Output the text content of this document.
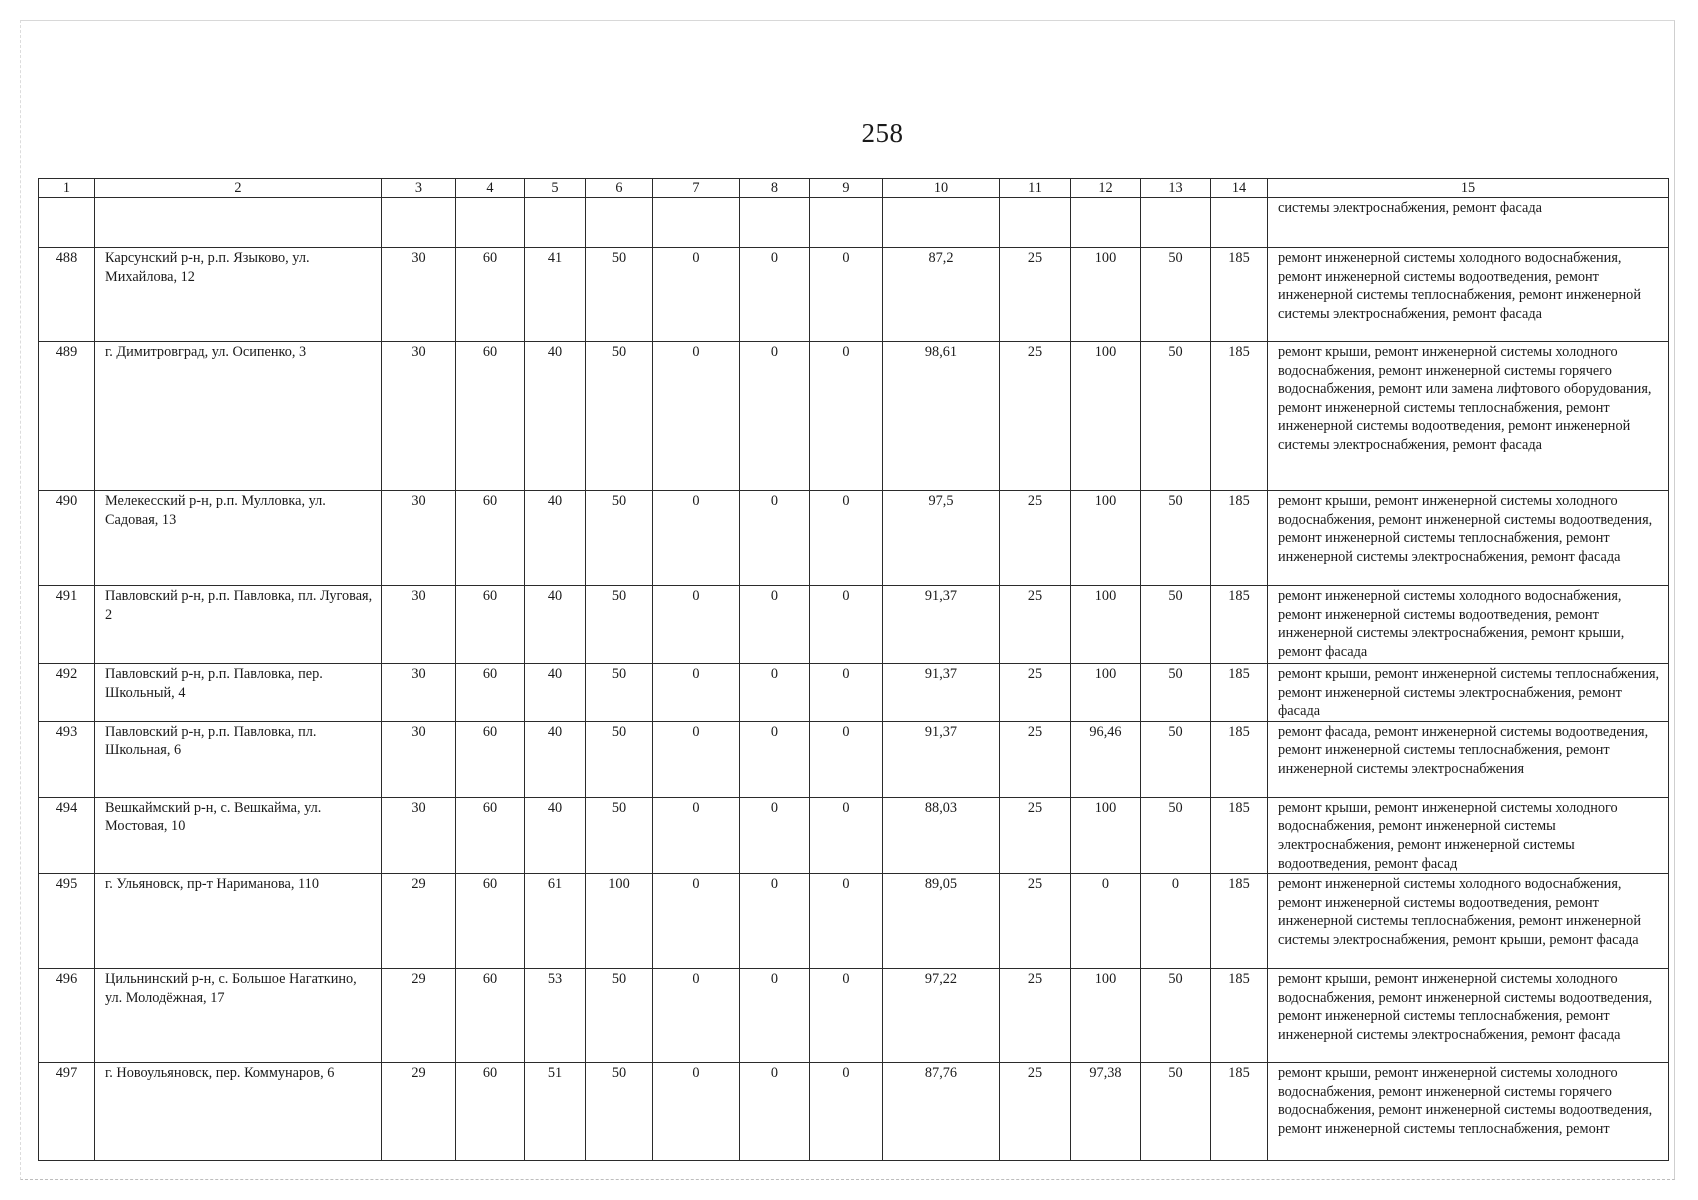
258
1	2	3	4	5	6	7	8	9	10	11	12	13	14	15
														системы электроснабжения, ремонт фасада
488	Карсунский р-н, р.п. Языково, ул. Михайлова, 12	30	60	41	50	0	0	0	87,2	25	100	50	185	ремонт инженерной системы холодного водоснабжения, ремонт инженерной системы водоотведения, ремонт инженерной системы теплоснабжения, ремонт инженерной системы электроснабжения, ремонт фасада
489	г. Димитровград, ул. Осипенко, 3	30	60	40	50	0	0	0	98,61	25	100	50	185	ремонт крыши, ремонт инженерной системы холодного водоснабжения, ремонт инженерной системы горячего водоснабжения, ремонт или замена лифтового оборудования, ремонт инженерной системы теплоснабжения, ремонт инженерной системы водоотведения, ремонт инженерной системы электроснабжения, ремонт фасада
490	Мелекесский р-н, р.п. Мулловка, ул. Садовая, 13	30	60	40	50	0	0	0	97,5	25	100	50	185	ремонт крыши, ремонт инженерной системы холодного водоснабжения, ремонт инженерной системы водоотведения, ремонт инженерной системы теплоснабжения, ремонт инженерной системы электроснабжения, ремонт фасада
491	Павловский р-н, р.п. Павловка, пл. Луговая, 2	30	60	40	50	0	0	0	91,37	25	100	50	185	ремонт инженерной системы холодного водоснабжения, ремонт инженерной системы водоотведения, ремонт инженерной системы электроснабжения, ремонт крыши, ремонт фасада
492	Павловский р-н, р.п. Павловка, пер. Школьный, 4	30	60	40	50	0	0	0	91,37	25	100	50	185	ремонт крыши, ремонт инженерной системы теплоснабжения, ремонт инженерной системы электроснабжения, ремонт фасада
493	Павловский р-н, р.п. Павловка, пл. Школьная, 6	30	60	40	50	0	0	0	91,37	25	96,46	50	185	ремонт фасада, ремонт инженерной системы водоотведения, ремонт инженерной системы теплоснабжения, ремонт инженерной системы электроснабжения
494	Вешкаймский р-н, с. Вешкайма, ул. Мостовая, 10	30	60	40	50	0	0	0	88,03	25	100	50	185	ремонт крыши, ремонт инженерной системы холодного водоснабжения, ремонт инженерной системы электроснабжения, ремонт инженерной системы водоотведения, ремонт фасад
495	г. Ульяновск, пр-т Нариманова, 110	29	60	61	100	0	0	0	89,05	25	0	0	185	ремонт инженерной системы холодного водоснабжения, ремонт инженерной системы водоотведения, ремонт инженерной системы теплоснабжения, ремонт инженерной системы электроснабжения, ремонт крыши, ремонт фасада
496	Цильнинский р-н, с. Большое Нагаткино, ул. Молодёжная, 17	29	60	53	50	0	0	0	97,22	25	100	50	185	ремонт крыши, ремонт инженерной системы холодного водоснабжения, ремонт инженерной системы водоотведения, ремонт инженерной системы теплоснабжения, ремонт инженерной системы электроснабжения, ремонт фасада
497	г. Новоульяновск, пер. Коммунаров, 6	29	60	51	50	0	0	0	87,76	25	97,38	50	185	ремонт крыши, ремонт инженерной системы холодного водоснабжения, ремонт инженерной системы горячего водоснабжения, ремонт инженерной системы водоотведения, ремонт инженерной системы теплоснабжения, ремонт
